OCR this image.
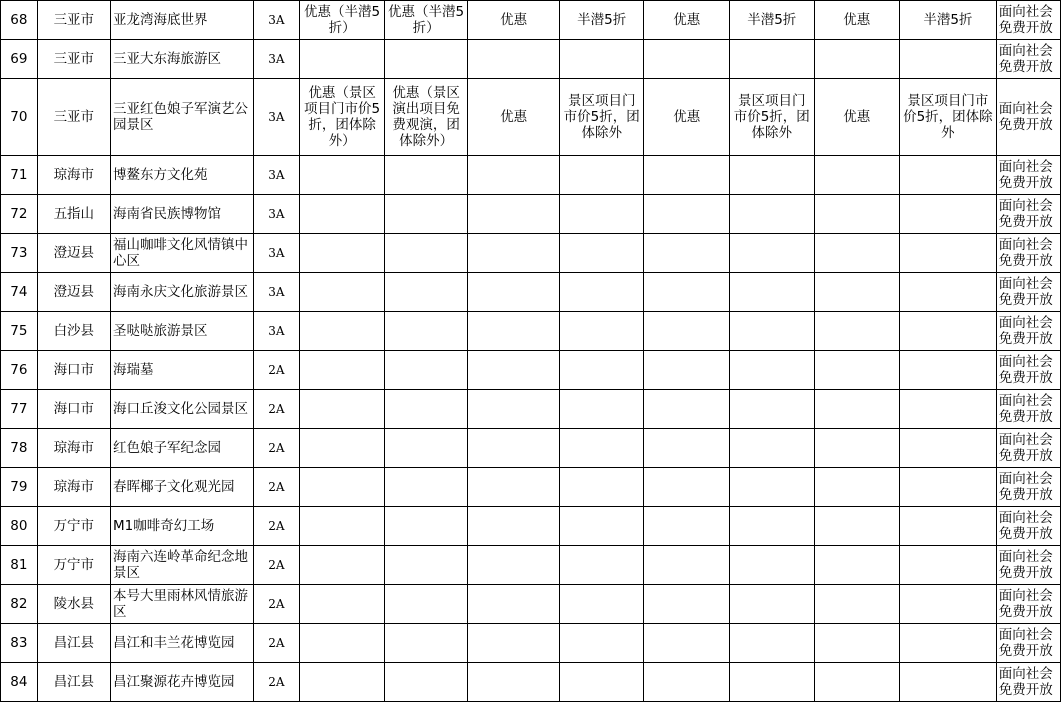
68	三亚市	亚龙湾海底世界	3A	优惠（半潜5折）	优惠（半潜5折）	优惠	半潜5折	优惠	半潜5折	优惠	半潜5折	面向社会免费开放
69	三亚市	三亚大东海旅游区	3A									面向社会免费开放
70	三亚市	三亚红色娘子军演艺公园景区	3A	优惠（景区项目门市价5折，团体除外）	优惠（景区演出项目免费观演，团体除外）	优惠	景区项目门市价5折，团体除外	优惠	景区项目门市价5折，团体除外	优惠	景区项目门市价5折，团体除外	面向社会免费开放
71	琼海市	博鳌东方文化苑	3A									面向社会免费开放
72	五指山	海南省民族博物馆	3A									面向社会免费开放
73	澄迈县	福山咖啡文化风情镇中心区	3A									面向社会免费开放
74	澄迈县	海南永庆文化旅游景区	3A									面向社会免费开放
75	白沙县	圣哒哒旅游景区	3A									面向社会免费开放
76	海口市	海瑞墓	2A									面向社会免费开放
77	海口市	海口丘浚文化公园景区	2A									面向社会免费开放
78	琼海市	红色娘子军纪念园	2A									面向社会免费开放
79	琼海市	春晖椰子文化观光园	2A									面向社会免费开放
80	万宁市	M1咖啡奇幻工场	2A									面向社会免费开放
81	万宁市	海南六连岭革命纪念地景区	2A									面向社会免费开放
82	陵水县	本号大里雨林风情旅游区	2A									面向社会免费开放
83	昌江县	昌江和丰兰花博览园	2A									面向社会免费开放
84	昌江县	昌江聚源花卉博览园	2A									面向社会免费开放
